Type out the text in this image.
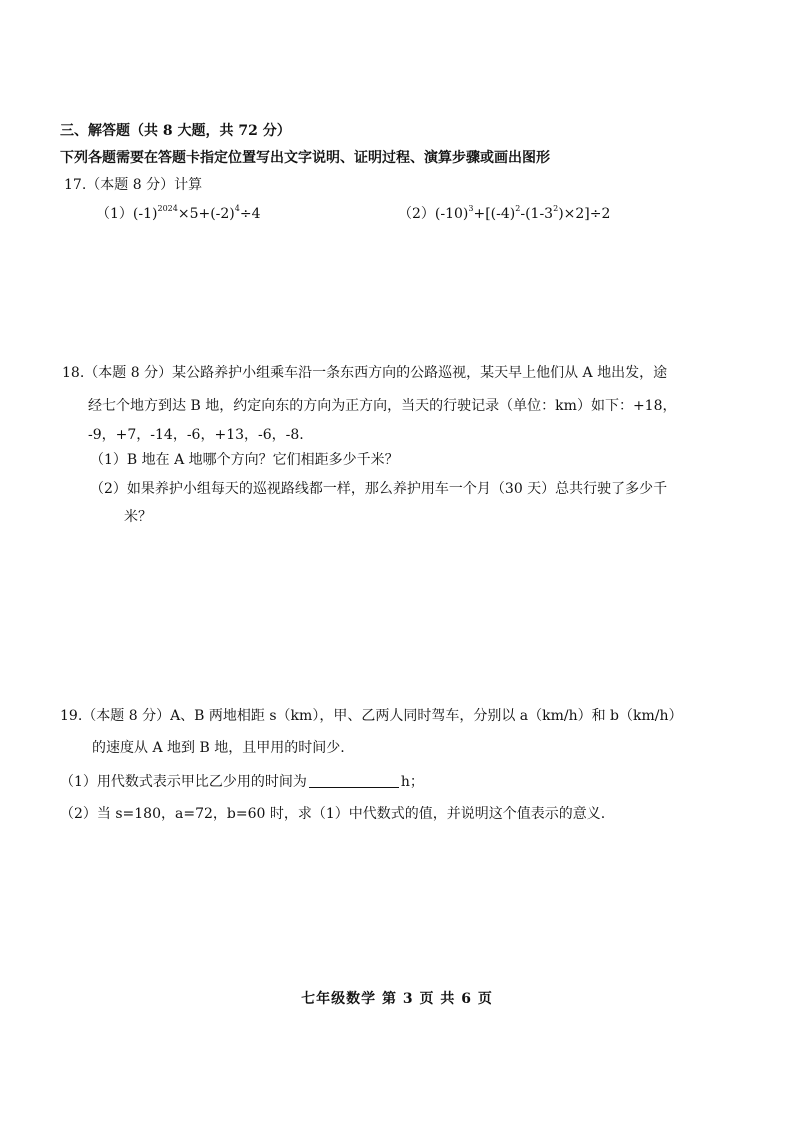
三、解答题（共 8 大题，共 72 分）
下列各题需要在答题卡指定位置写出文字说明、证明过程、演算步骤或画出图形
17.（本题 8 分）计算
$(1)(-1)^{2024}\times 5+(-2)^4\div 4$	$(2)(-10)^3+[(-4)^2-(1-3^2)\times 2]\div 2$
18.（本题 8 分）某公路养护小组乘车沿一条东西方向的公路巡视，某天早上他们从 A 地出发，途
经七个地方到达 B 地，约定向东的方向为正方向，当天的行驶记录（单位：km）如下：+18，
-9，+7，-14，-6，+13，-6，-8.
（1）B 地在 A 地哪个方向？它们相距多少千米？
（2）如果养护小组每天的巡视路线都一样，那么养护用车一个月（30 天）总共行驶了多少千
米？
19.（本题 8 分）A、B 两地相距 s（km），甲、乙两人同时驾车，分别以 a（km/h）和 b（km/h）
的速度从 A 地到 B 地，且甲用的时间少.
（1）用代数式表示甲比乙少用的时间为	h；
（2）当 s=180，a=72，b=60 时，求（1）中代数式的值，并说明这个值表示的意义.
七年级数学 第 3 页 共 6 页
